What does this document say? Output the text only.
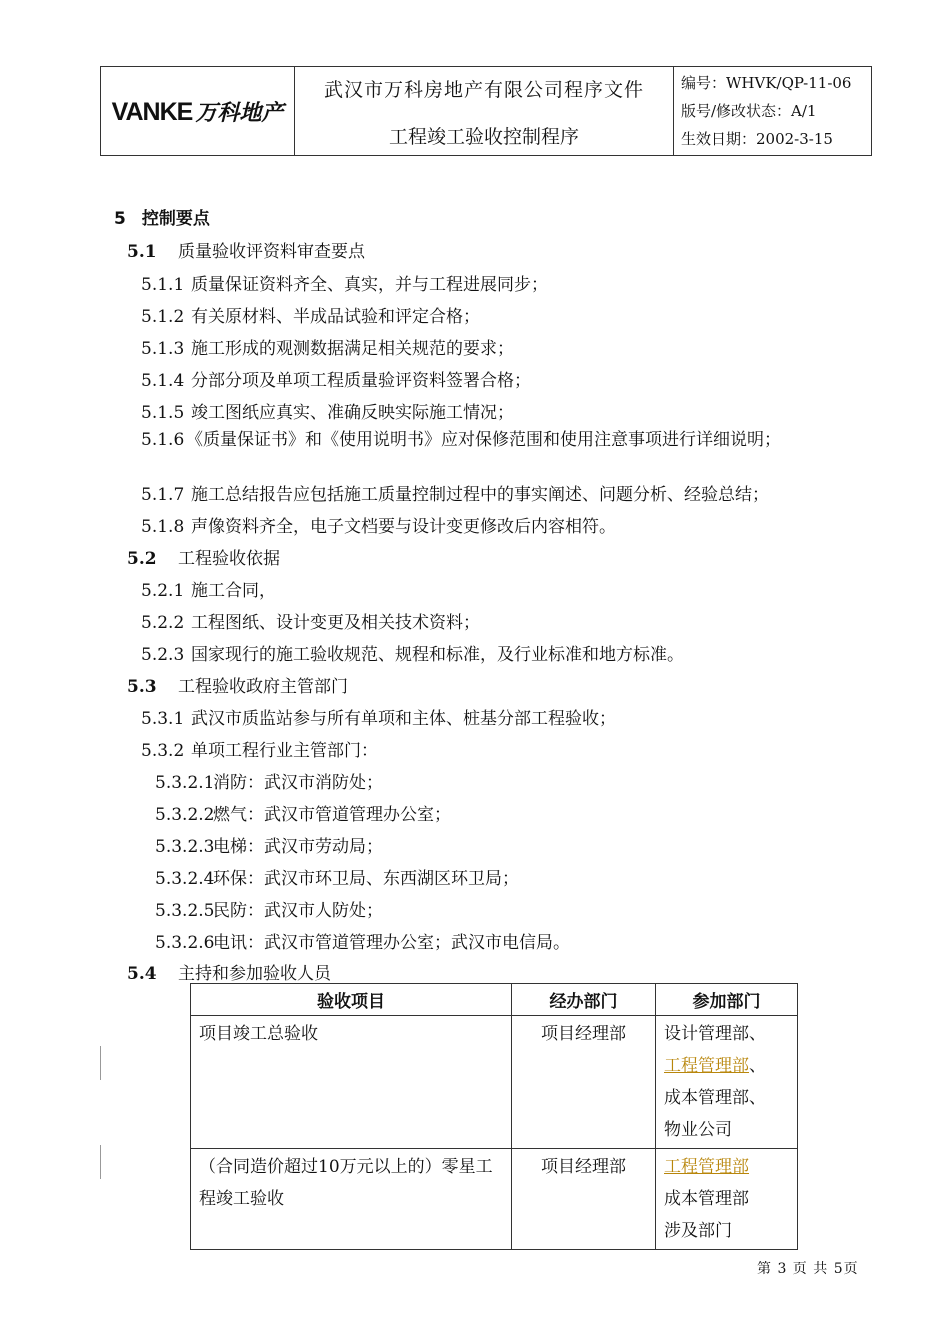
VANKE 万科地产

武汉市万科房地产有限公司程序文件
工程竣工验收控制程序

编号：WHVK/QP-11-06
版号/修改状态：A/1
生效日期：2002-3-15

5 控制要点
5.1 质量验收评资料审查要点
5.1.1 质量保证资料齐全、真实，并与工程进展同步；
5.1.2 有关原材料、半成品试验和评定合格；
5.1.3 施工形成的观测数据满足相关规范的要求；
5.1.4 分部分项及单项工程质量验评资料签署合格；
5.1.5 竣工图纸应真实、准确反映实际施工情况；
5.1.6 《质量保证书》和《使用说明书》应对保修范围和使用注意事项进行详细说明；
5.1.7 施工总结报告应包括施工质量控制过程中的事实阐述、问题分析、经验总结；
5.1.8 声像资料齐全，电子文档要与设计变更修改后内容相符。
5.2 工程验收依据
5.2.1 施工合同，
5.2.2 工程图纸、设计变更及相关技术资料；
5.2.3 国家现行的施工验收规范、规程和标准，及行业标准和地方标准。
5.3 工程验收政府主管部门
5.3.1 武汉市质监站参与所有单项和主体、桩基分部工程验收；
5.3.2 单项工程行业主管部门：
5.3.2.1消防：武汉市消防处；
5.3.2.2燃气：武汉市管道管理办公室；
5.3.2.3电梯：武汉市劳动局；
5.3.2.4环保：武汉市环卫局、东西湖区环卫局；
5.3.2.5民防：武汉市人防处；
5.3.2.6电讯：武汉市管道管理办公室；武汉市电信局。
5.4 主持和参加验收人员
验收项目	经办部门	参加部门
项目竣工总验收	项目经理部	设计管理部、
工程管理部、
成本管理部、
物业公司

（合同造价超过10万元以上的）零星工程竣工验收	项目经理部	工程管理部
成本管理部
涉及部门
第 3 页 共 5页
